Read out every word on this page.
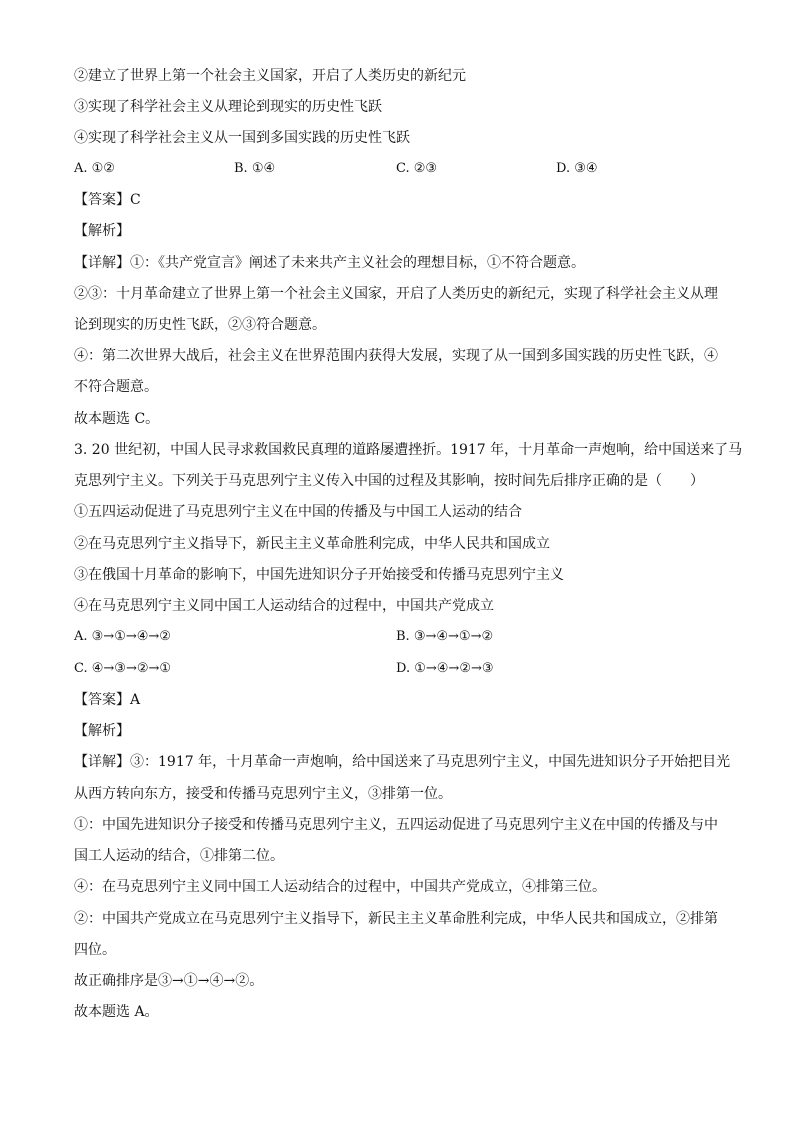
②建立了世界上第一个社会主义国家，开启了人类历史的新纪元
③实现了科学社会主义从理论到现实的历史性飞跃
④实现了科学社会主义从一国到多国实践的历史性飞跃
A. ①②	B. ①④	C. ②③	D. ③④
【答案】C
【解析】
【详解】①：《共产党宣言》阐述了未来共产主义社会的理想目标，①不符合题意。
②③：十月革命建立了世界上第一个社会主义国家，开启了人类历史的新纪元，实现了科学社会主义从理
论到现实的历史性飞跃，②③符合题意。
④：第二次世界大战后，社会主义在世界范围内获得大发展，实现了从一国到多国实践的历史性飞跃，④
不符合题意。
故本题选 C。
3. 20 世纪初，中国人民寻求救国救民真理的道路屡遭挫折。1917 年，十月革命一声炮响，给中国送来了马
克思列宁主义。下列关于马克思列宁主义传入中国的过程及其影响，按时间先后排序正确的是（　　）
①五四运动促进了马克思列宁主义在中国的传播及与中国工人运动的结合
②在马克思列宁主义指导下，新民主主义革命胜利完成，中华人民共和国成立
③在俄国十月革命的影响下，中国先进知识分子开始接受和传播马克思列宁主义
④在马克思列宁主义同中国工人运动结合的过程中，中国共产党成立
A. ③→①→④→②	B. ③→④→①→②
C. ④→③→②→①	D. ①→④→②→③
【答案】A
【解析】
【详解】③：1917 年，十月革命一声炮响，给中国送来了马克思列宁主义，中国先进知识分子开始把目光
从西方转向东方，接受和传播马克思列宁主义，③排第一位。
①：中国先进知识分子接受和传播马克思列宁主义，五四运动促进了马克思列宁主义在中国的传播及与中
国工人运动的结合，①排第二位。
④：在马克思列宁主义同中国工人运动结合的过程中，中国共产党成立，④排第三位。
②：中国共产党成立在马克思列宁主义指导下，新民主主义革命胜利完成，中华人民共和国成立，②排第
四位。
故正确排序是③→①→④→②。
故本题选 A。
